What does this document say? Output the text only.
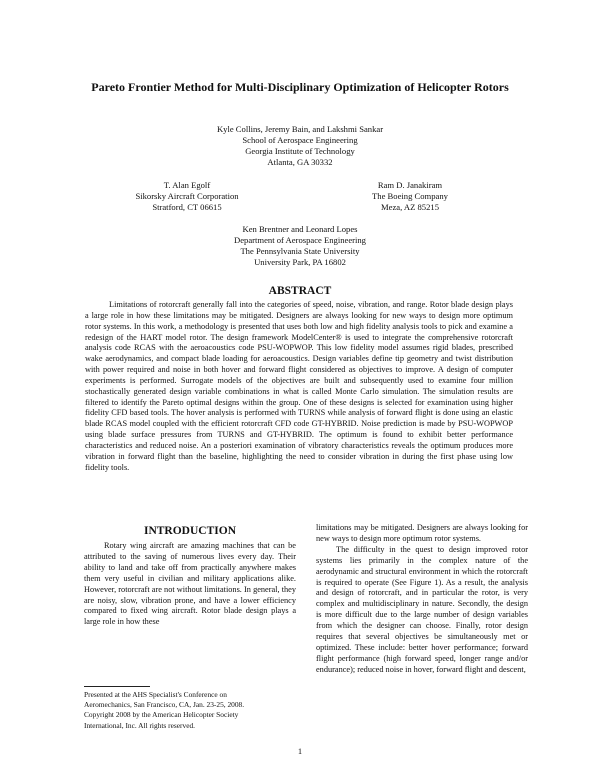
Pareto Frontier Method for Multi-Disciplinary Optimization of Helicopter Rotors
Kyle Collins, Jeremy Bain, and Lakshmi Sankar
School of Aerospace Engineering
Georgia Institute of Technology
Atlanta, GA 30332
T. Alan Egolf
Sikorsky Aircraft Corporation
Stratford, CT 06615
Ram D. Janakiram
The Boeing Company
Meza, AZ 85215
Ken Brentner and Leonard Lopes
Department of Aerospace Engineering
The Pennsylvania State University
University Park, PA 16802
ABSTRACT

Limitations of rotorcraft generally fall into the categories of speed, noise, vibration, and range. Rotor blade design plays a large role in how these limitations may be mitigated. Designers are always looking for new ways to design more optimum rotor systems. In this work, a methodology is presented that uses both low and high fidelity analysis tools to pick and examine a redesign of the HART model rotor. The design framework ModelCenter® is used to integrate the comprehensive rotorcraft analysis code RCAS with the aeroacoustics code PSU-WOPWOP. This low fidelity model assumes rigid blades, prescribed wake aerodynamics, and compact blade loading for aeroacoustics. Design variables define tip geometry and twist distribution with power required and noise in both hover and forward flight considered as objectives to improve. A design of computer experiments is performed. Surrogate models of the objectives are built and subsequently used to examine four million stochastically generated design variable combinations in what is called Monte Carlo simulation. The simulation results are filtered to identify the Pareto optimal designs within the group. One of these designs is selected for examination using higher fidelity CFD based tools. The hover analysis is performed with TURNS while analysis of forward flight is done using an elastic blade RCAS model coupled with the efficient rotorcraft CFD code GT-HYBRID. Noise prediction is made by PSU-WOPWOP using blade surface pressures from TURNS and GT-HYBRID. The optimum is found to exhibit better performance characteristics and reduced noise. An a posteriori examination of vibratory characteristics reveals the optimum produces more vibration in forward flight than the baseline, highlighting the need to consider vibration in during the first phase using low fidelity tools.

INTRODUCTION

Rotary wing aircraft are amazing machines that can be attributed to the saving of numerous lives every day. Their ability to land and take off from practically anywhere makes them very useful in civilian and military applications alike. However, rotorcraft are not without limitations. In general, they are noisy, slow, vibration prone, and have a lower efficiency compared to fixed wing aircraft. Rotor blade design plays a large role in how these

limitations may be mitigated. Designers are always looking for new ways to design more optimum rotor systems.

The difficulty in the quest to design improved rotor systems lies primarily in the complex nature of the aerodynamic and structural environment in which the rotorcraft is required to operate (See Figure 1). As a result, the analysis and design of rotorcraft, and in particular the rotor, is very complex and multidisciplinary in nature. Secondly, the design is more difficult due to the large number of design variables from which the designer can choose. Finally, rotor design requires that several objectives be simultaneously met or optimized. These include: better hover performance; forward flight performance (high forward speed, longer range and/or endurance); reduced noise in hover, forward flight and descent,

Presented at the AHS Specialist's Conference on
Aeromechanics, San Francisco, CA, Jan. 23-25, 2008.
Copyright 2008 by the American Helicopter Society
International, Inc. All rights reserved.
1
